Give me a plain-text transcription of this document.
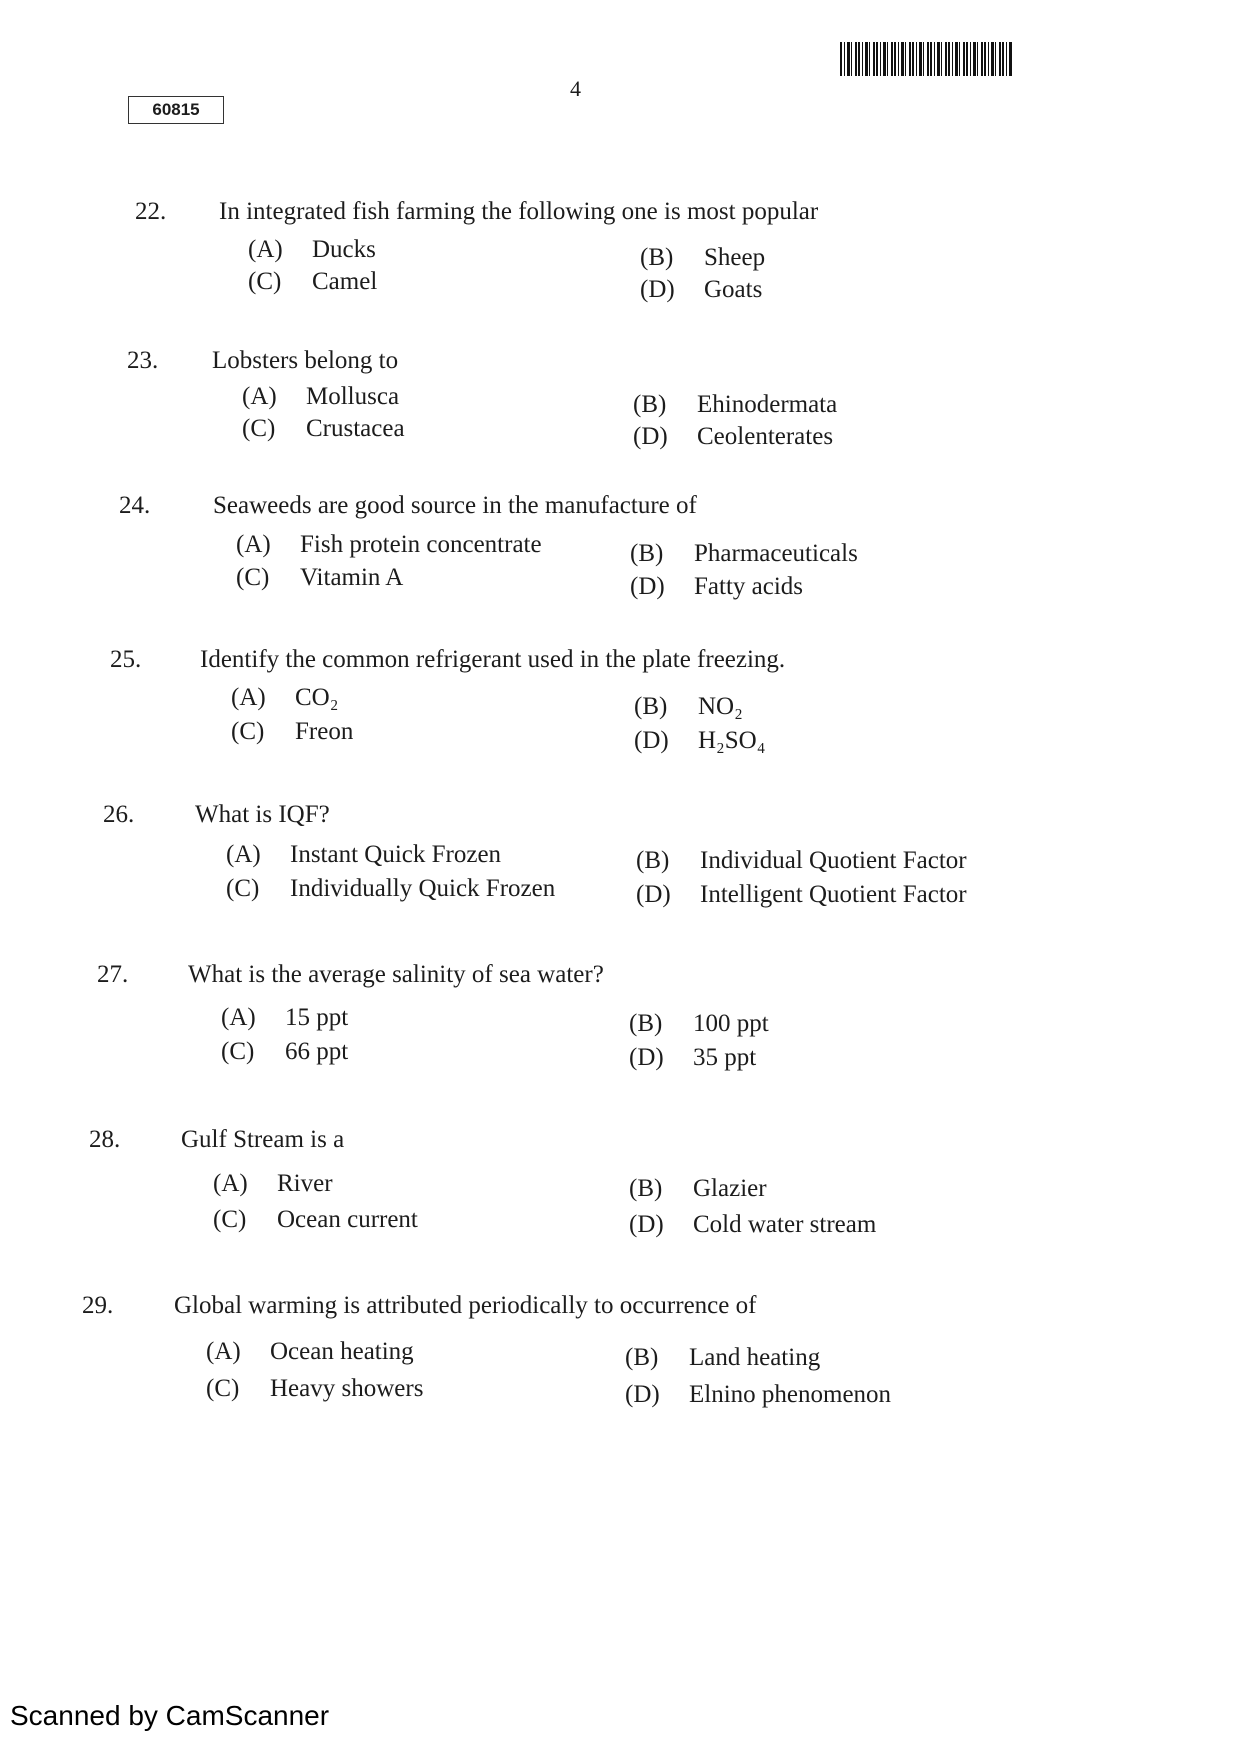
60815
4
22. In integrated fish farming the following one is most popular
(A) Ducks	(B) Sheep
(C) Camel	(D) Goats
23. Lobsters belong to
(A) Mollusca	(B) Ehinodermata
(C) Crustacea	(D) Ceolenterates
24.	Seaweeds are good source in the manufacture of
(A) Fish protein concentrate	(B) Pharmaceuticals
(C) Vitamin A	(D) Fatty acids
25. Identify the common refrigerant used in the plate freezing.
(A) CO₂	(B) NO₂
(C) Freon	(D) H₂SO₄
26. What is IQF?
(A) Instant Quick Frozen	(B) Individual Quotient Factor
(C) Individually Quick Frozen	(D) Intelligent Quotient Factor
27. What is the average salinity of sea water?
(A) 15 ppt	(B) 100 ppt
(C) 66 ppt	(D) 35 ppt
28. Gulf Stream is a
(A) River	(B) Glazier
(C) Ocean current	(D) Cold water stream
29. Global warming is attributed periodically to occurrence of
(A) Ocean heating	(B) Land heating
(C) Heavy showers	(D) Elnino phenomenon
Scanned by CamScanner
